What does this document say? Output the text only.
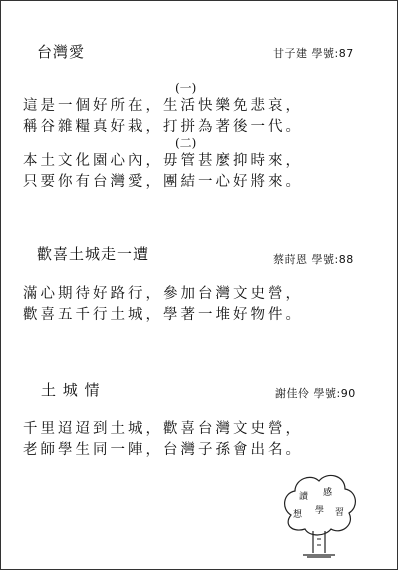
台灣愛	甘子建 學號:87
(一)
這是一個好所在，生活快樂免悲哀，
稱谷雜糧真好栽，打拼為著後一代。
(二)
本土文化園心內，毋管甚麼抑時來，
只要你有台灣愛，團結一心好將來。
歡喜土城走一遭	蔡莳恩 學號:88
滿心期待好路行，參加台灣文史營，
歡喜五千行土城，學著一堆好物件。
土 城 情	謝佳伶 學號:90
千里迢迢到土城，歡喜台灣文史營，
老師學生同一陣，台灣子孫會出名。
讀 感
想 學 習
